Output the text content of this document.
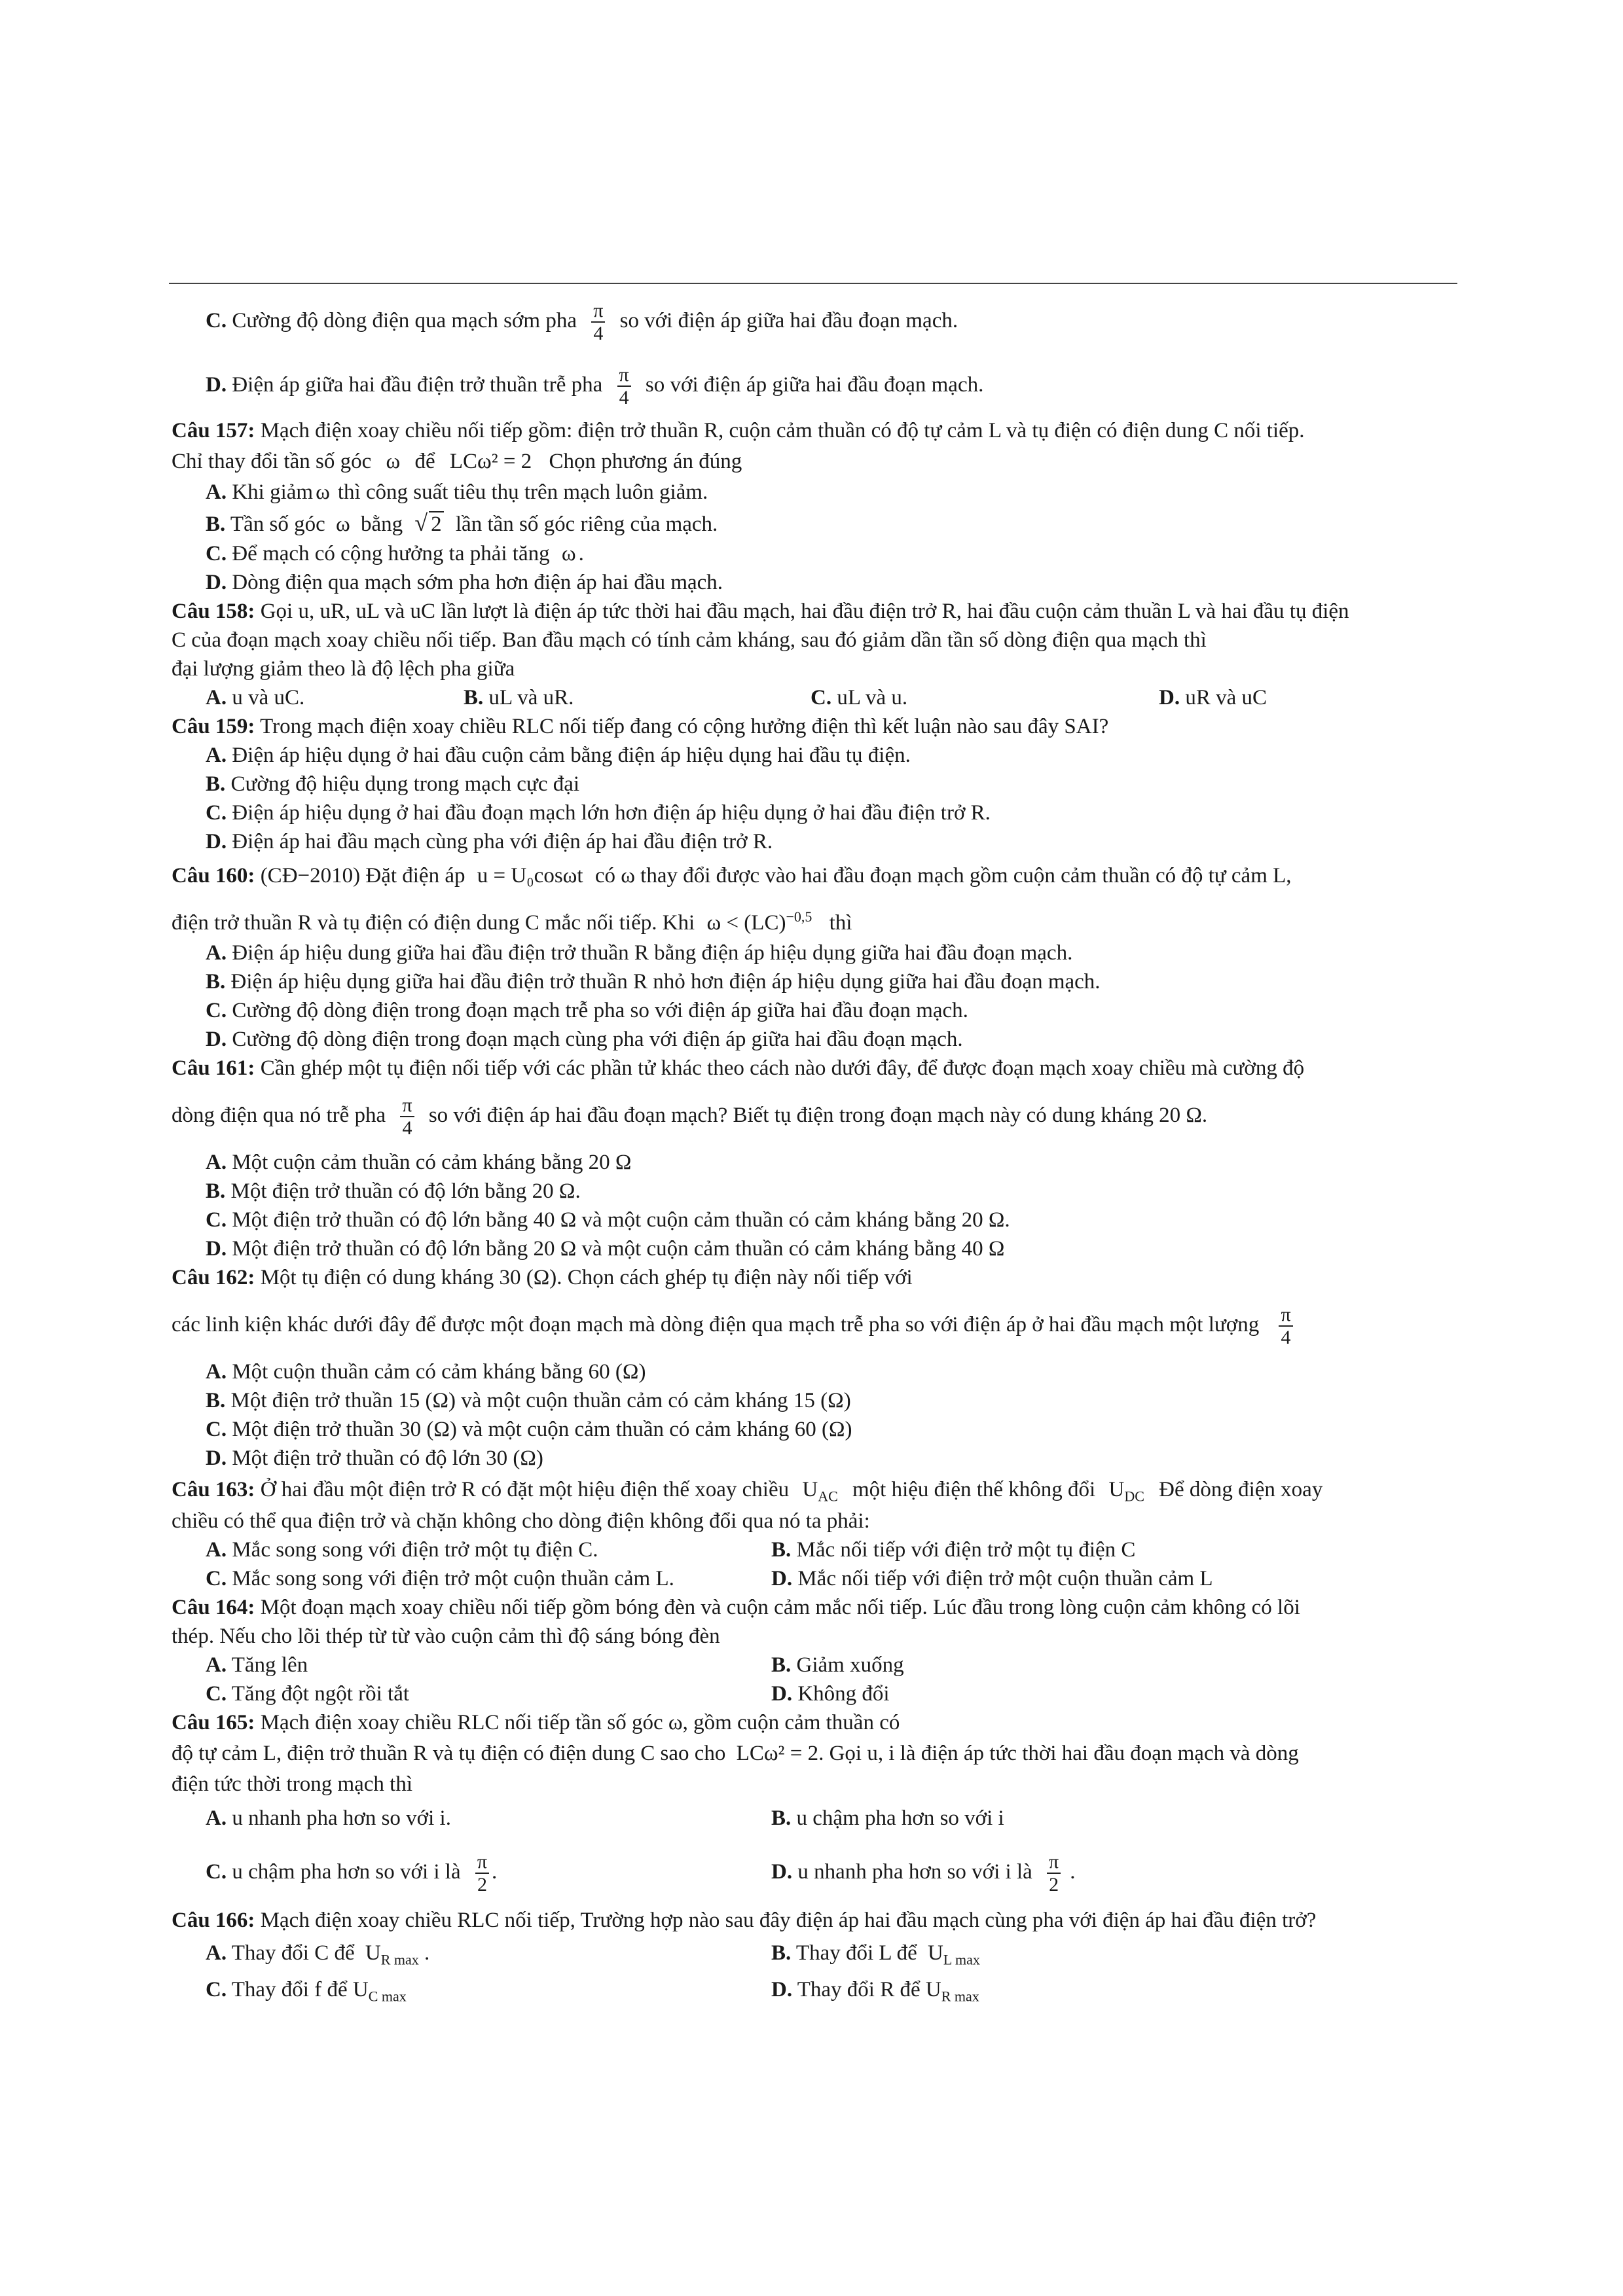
C. Cường độ dòng điện qua mạch sớm pha $\frac{\pi}{4}$ so với điện áp giữa hai đầu đoạn mạch.
D. Điện áp giữa hai đầu điện trở thuần trễ pha $\frac{\pi}{4}$ so với điện áp giữa hai đầu đoạn mạch.
Câu 157: Mạch điện xoay chiều nối tiếp gồm: điện trở thuần R, cuộn cảm thuần có độ tự cảm L và tụ điện có điện dung C nối tiếp.
Chỉ thay đổi tần số góc ω để LCω² = 2 Chọn phương án đúng
A. Khi giảm ω thì công suất tiêu thụ trên mạch luôn giảm.
B. Tần số góc ω bằng √ 2 lần tần số góc riêng của mạch.
C. Để mạch có cộng hưởng ta phải tăng ω .
D. Dòng điện qua mạch sớm pha hơn điện áp hai đầu mạch.
Câu 158: Gọi u, uR, uL và uC lần lượt là điện áp tức thời hai đầu mạch, hai đầu điện trở R, hai đầu cuộn cảm thuần L và hai đầu tụ điện
C của đoạn mạch xoay chiều nối tiếp. Ban đầu mạch có tính cảm kháng, sau đó giảm dần tần số dòng điện qua mạch thì
đại lượng giảm theo là độ lệch pha giữa
A. u và uC.	B. uL và uR.	C. uL và u.	D. uR và uC
Câu 159: Trong mạch điện xoay chiều RLC nối tiếp đang có cộng hưởng điện thì kết luận nào sau đây SAI?
A. Điện áp hiệu dụng ở hai đầu cuộn cảm bằng điện áp hiệu dụng hai đầu tụ điện.
B. Cường độ hiệu dụng trong mạch cực đại
C. Điện áp hiệu dụng ở hai đầu đoạn mạch lớn hơn điện áp hiệu dụng ở hai đầu điện trở R.
D. Điện áp hai đầu mạch cùng pha với điện áp hai đầu điện trở R.
Câu 160: (CĐ−2010) Đặt điện áp u = U₀cosωt có ω thay đổi được vào hai đầu đoạn mạch gồm cuộn cảm thuần có độ tự cảm L,
điện trở thuần R và tụ điện có điện dung C mắc nối tiếp. Khi ω < (LC)$^{-0,5}$ thì
A. Điện áp hiệu dung giữa hai đầu điện trở thuần R bằng điện áp hiệu dụng giữa hai đầu đoạn mạch.
B. Điện áp hiệu dụng giữa hai đầu điện trở thuần R nhỏ hơn điện áp hiệu dụng giữa hai đầu đoạn mạch.
C. Cường độ dòng điện trong đoạn mạch trễ pha so với điện áp giữa hai đầu đoạn mạch.
D. Cường độ dòng điện trong đoạn mạch cùng pha với điện áp giữa hai đầu đoạn mạch.
Câu 161: Cần ghép một tụ điện nối tiếp với các phần tử khác theo cách nào dưới đây, để được đoạn mạch xoay chiều mà cường độ
dòng điện qua nó trễ pha $\frac{\pi}{4}$ so với điện áp hai đầu đoạn mạch? Biết tụ điện trong đoạn mạch này có dung kháng 20 Ω.
A. Một cuộn cảm thuần có cảm kháng bằng 20 Ω
B. Một điện trở thuần có độ lớn bằng 20 Ω.
C. Một điện trở thuần có độ lớn bằng 40 Ω và một cuộn cảm thuần có cảm kháng bằng 20 Ω.
D. Một điện trở thuần có độ lớn bằng 20 Ω và một cuộn cảm thuần có cảm kháng bằng 40 Ω
Câu 162: Một tụ điện có dung kháng 30 (Ω). Chọn cách ghép tụ điện này nối tiếp với
các linh kiện khác dưới đây để được một đoạn mạch mà dòng điện qua mạch trễ pha so với điện áp ở hai đầu mạch một lượng $\frac{\pi}{4}$
A. Một cuộn thuần cảm có cảm kháng bằng 60 (Ω)
B. Một điện trở thuần 15 (Ω) và một cuộn thuần cảm có cảm kháng 15 (Ω)
C. Một điện trở thuần 30 (Ω) và một cuộn cảm thuần có cảm kháng 60 (Ω)
D. Một điện trở thuần có độ lớn 30 (Ω)
Câu 163: Ở hai đầu một điện trở R có đặt một hiệu điện thế xoay chiều $U_{AC}$ một hiệu điện thế không đổi $U_{DC}$ Để dòng điện xoay
chiều có thể qua điện trở và chặn không cho dòng điện không đổi qua nó ta phải:
A. Mắc song song với điện trở một tụ điện C.	B. Mắc nối tiếp với điện trở một tụ điện C
C. Mắc song song với điện trở một cuộn thuần cảm L.	D. Mắc nối tiếp với điện trở một cuộn thuần cảm L
Câu 164: Một đoạn mạch xoay chiều nối tiếp gồm bóng đèn và cuộn cảm mắc nối tiếp. Lúc đầu trong lòng cuộn cảm không có lõi
thép. Nếu cho lõi thép từ từ vào cuộn cảm thì độ sáng bóng đèn
A. Tăng lên	B. Giảm xuống
C. Tăng đột ngột rồi tắt	D. Không đổi
Câu 165: Mạch điện xoay chiều RLC nối tiếp tần số góc ω, gồm cuộn cảm thuần có
độ tự cảm L, điện trở thuần R và tụ điện có điện dung C sao cho LCω² = 2. Gọi u, i là điện áp tức thời hai đầu đoạn mạch và dòng
điện tức thời trong mạch thì
A. u nhanh pha hơn so với i.	B. u chậm pha hơn so với i
C. u chậm pha hơn so với i là $\frac{\pi}{2}$ .	D. u nhanh pha hơn so với i là $\frac{\pi}{2}$ .
Câu 166: Mạch điện xoay chiều RLC nối tiếp, Trường hợp nào sau đây điện áp hai đầu mạch cùng pha với điện áp hai đầu điện trở?
A. Thay đổi C để $U_{R max}$ .	B. Thay đổi L để $U_{L max}$
C. Thay đổi f để $U_{C max}$	D. Thay đổi R để $U_{R max}$
